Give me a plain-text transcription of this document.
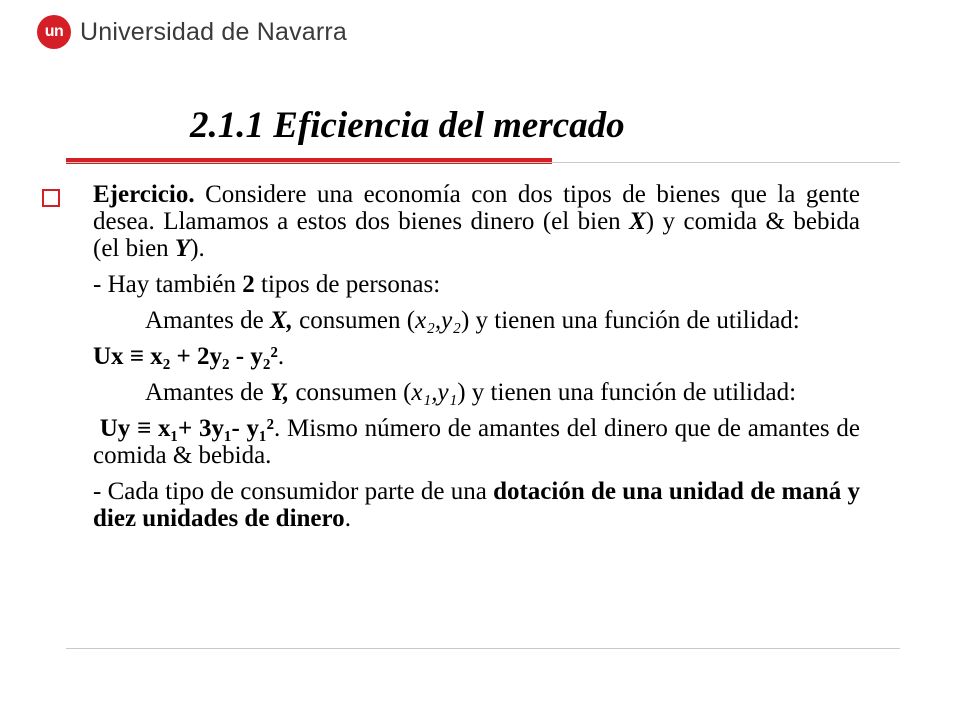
un Universidad de Navarra
2.1.1 Eficiencia del mercado

Ejercicio. Considere una economía con dos tipos de bienes que la gente desea. Llamamos a estos dos bienes dinero (el bien X) y comida & bebida (el bien Y).

- Hay también 2 tipos de personas:

Amantes de X, consumen (x₂,y₂) y tienen una función de utilidad:

Ux ≡ x₂ + 2y₂ - y₂².

Amantes de Y, consumen (x₁,y₁) y tienen una función de utilidad:

Uy ≡ x₁+ 3y₁- y₁². Mismo número de amantes del dinero que de amantes de comida & bebida.

- Cada tipo de consumidor parte de una dotación de una unidad de maná y diez unidades de dinero.
